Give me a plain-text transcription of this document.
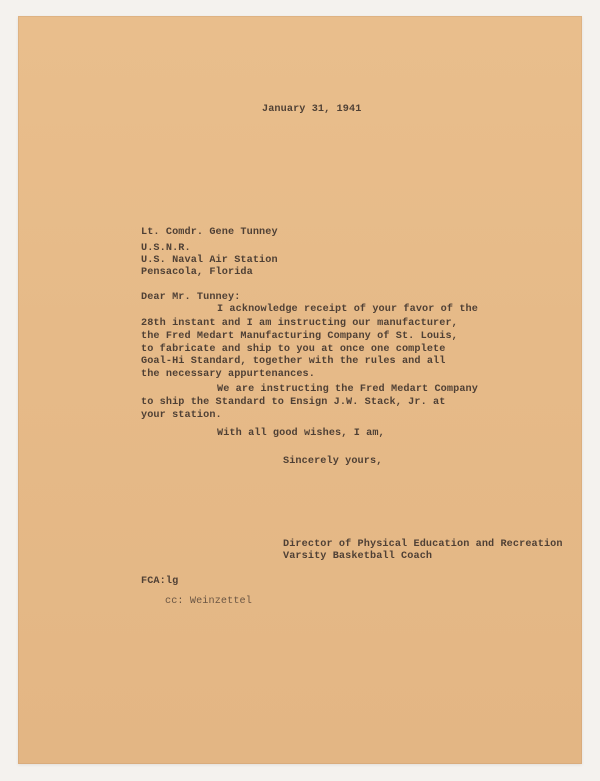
January 31, 1941
Lt. Comdr. Gene Tunney
U.S.N.R.
U.S. Naval Air Station
Pensacola, Florida
Dear Mr. Tunney:
I acknowledge receipt of your favor of the
28th instant and I am instructing our manufacturer,
the Fred Medart Manufacturing Company of St. Louis,
to fabricate and ship to you at once one complete
Goal-Hi Standard, together with the rules and all
the necessary appurtenances.
We are instructing the Fred Medart Company
to ship the Standard to Ensign J.W. Stack, Jr. at
your station.
With all good wishes, I am,
Sincerely yours,
Director of Physical Education and Recreation
Varsity Basketball Coach
FCA:lg
cc: Weinzettel
